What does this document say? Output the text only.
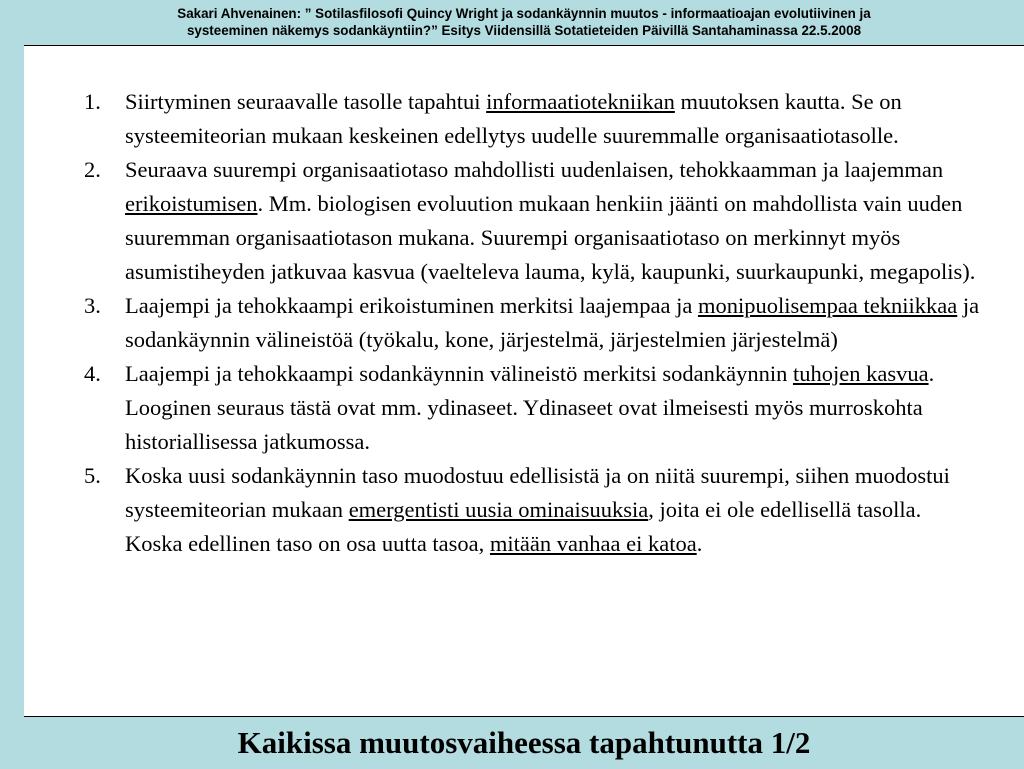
Sakari Ahvenainen: ” Sotilasfilosofi Quincy Wright ja sodankäynnin muutos - informaatioajan evolutiivinen ja
systeeminen näkemys sodankäyntiin?” Esitys Viidensillä Sotatieteiden Päivillä Santahaminassa 22.5.2008
1. Siirtyminen seuraavalle tasolle tapahtui informaatiotekniikan muutoksen kautta. Se on systeemiteorian mukaan keskeinen edellytys uudelle suuremmalle organisaatiotasolle.
2. Seuraava suurempi organisaatiotaso mahdollisti uudenlaisen, tehokkaamman ja laajemman erikoistumisen. Mm. biologisen evoluution mukaan henkiin jäänti on mahdollista vain uuden suuremman organisaatiotason mukana. Suurempi organisaatiotaso on merkinnyt myös asumistiheyden jatkuvaa kasvua (vaelteleva lauma, kylä, kaupunki, suurkaupunki, megapolis).
3. Laajempi ja tehokkaampi erikoistuminen merkitsi laajempaa ja monipuolisempaa tekniikkaa ja sodankäynnin välineistöä (työkalu, kone, järjestelmä, järjestelmien järjestelmä)
4. Laajempi ja tehokkaampi sodankäynnin välineistö merkitsi sodankäynnin tuhojen kasvua. Looginen seuraus tästä ovat mm. ydinaseet. Ydinaseet ovat ilmeisesti myös murroskohta historiallisessa jatkumossa.
5. Koska uusi sodankäynnin taso muodostuu edellisistä ja on niitä suurempi, siihen muodostui systeemiteorian mukaan emergentisti uusia ominaisuuksia, joita ei ole edellisellä tasolla. Koska edellinen taso on osa uutta tasoa, mitään vanhaa ei katoa.
Kaikissa muutosvaiheessa tapahtunutta 1/2
